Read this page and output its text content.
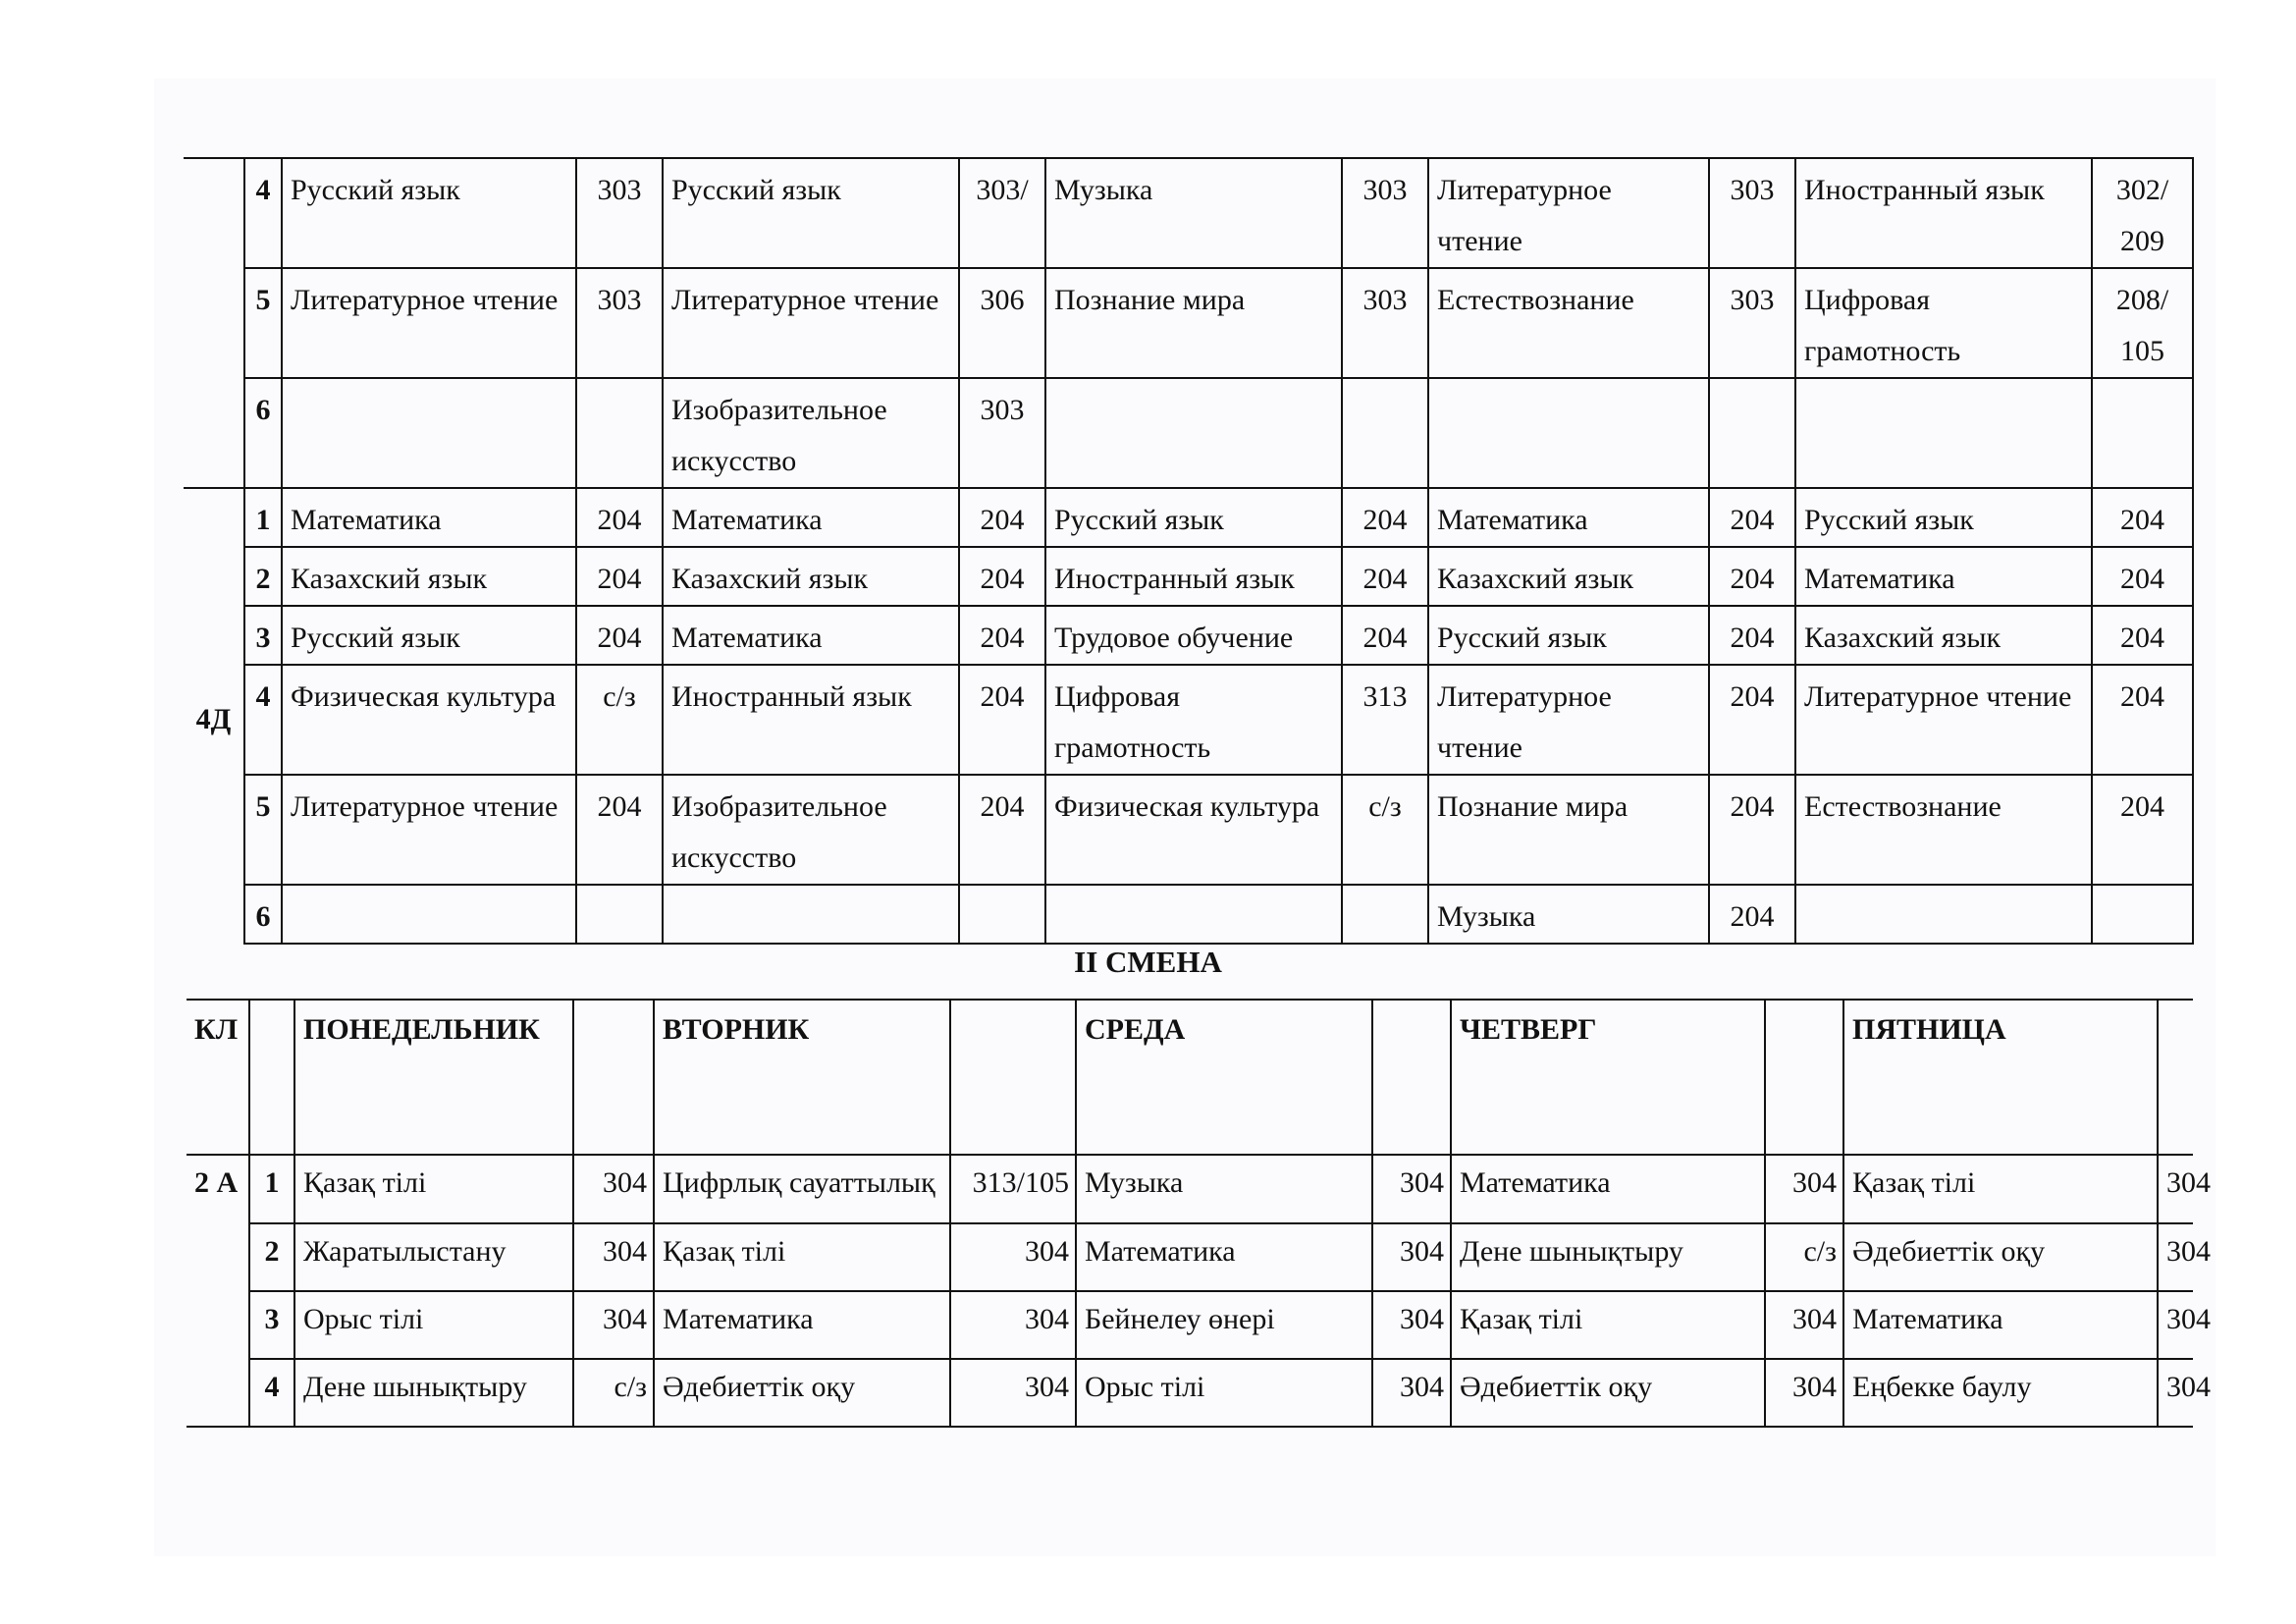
	4	Русский язык	303	Русский язык	303/	Музыка	303	Литературное чтение	303	Иностранный язык	302/ 209
	5	Литературное чтение	303	Литературное чтение	306	Познание мира	303	Естествознание	303	Цифровая грамотность	208/ 105
	6			Изобразительное искусство	303						
4Д	1	Математика	204	Математика	204	Русский язык	204	Математика	204	Русский язык	204
	2	Казахский язык	204	Казахский язык	204	Иностранный язык	204	Казахский язык	204	Математика	204
	3	Русский язык	204	Математика	204	Трудовое обучение	204	Русский язык	204	Казахский язык	204
	4	Физическая культура	с/з	Иностранный язык	204	Цифровая грамотность	313	Литературное чтение	204	Литературное чтение	204
	5	Литературное чтение	204	Изобразительное искусство	204	Физическая культура	с/з	Познание мира	204	Естествознание	204
	6							Музыка	204		
II СМЕНА
КЛ		ПОНЕДЕЛЬНИК		ВТОРНИК		СРЕДА		ЧЕТВЕРГ		ПЯТНИЦА	
2 А	1	Қазақ тілі	304	Цифрлық сауаттылық	313/105	Музыка	304	Математика	304	Қазақ тілі	304
	2	Жаратылыстану	304	Қазақ тілі	304	Математика	304	Дене шынықтыру	с/з	Әдебиеттік оқу	304
	3	Орыс тілі	304	Математика	304	Бейнелеу өнері	304	Қазақ тілі	304	Математика	304
	4	Дене шынықтыру	с/з	Әдебиеттік оқу	304	Орыс тілі	304	Әдебиеттік оқу	304	Еңбекке баулу	304
